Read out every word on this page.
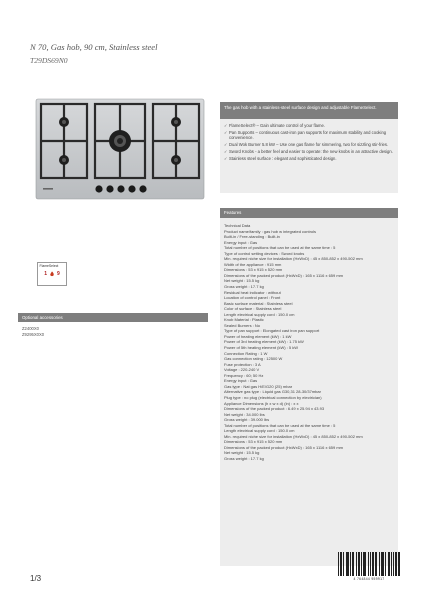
N 70, Gas hob, 90 cm, Stainless steel
T29DS69N0
FlameSelect
1 9
Optional accessories
Z2400X0
Z9295X0X0
The gas hob with a stainless-steel surface design and adjustable FlameSelect.
✓ FlameSelect® – Gain ultimate control of your flame.
✓ Pan Supports – continuous cast-iron pan supports for maximum stability and cooking convenience.
✓ Dual Wok Burner 5.8 kW – Use one gas flame for simmering, two for sizzling stir-fries.
✓ Sword Knobs - a better feel and easier to operate: the new knobs in an attractive design.
✓ Stainless steel surface : elegant and sophisticated design.
Features
Technical Data
Product name/family : gas hob w integrated controls
Built-in / Free-standing : Built-in
Energy input : Gas
Total number of positions that can be used at the same time : 5
Type of control setting devices : Sword knobs
Min. required niche size for installation (HxWxD) : 45 x 850-852 x 490-502 mm
Width of the appliance : 915 mm
Dimensions : 53 x 915 x 520 mm
Dimensions of the packed product (HxWxD) : 165 x 1116 x 659 mm
Net weight : 15.5 kg
Gross weight : 17.7 kg
Residual heat indicator : without
Location of control panel : Front
Basic surface material : Stainless steel
Color of surface : Stainless steel
Length electrical supply cord : 150.0 cm
Knob Material : Plastic
Sealed Burners : No
Type of pan support : Elongated cast iron pan support
Power of heating element (kW) : 1 kW
Power of 3rd heating element (kW) : 1.75 kW
Power of 5th heating element (kW) : 5 kW
Connection Rating : 1 W
Gas connection rating : 12500 W
Fuse protection : 3 A
Voltage : 220-240 V
Frequency : 60; 50 Hz
Energy input : Gas
Gas type : Nat gas H/E/G20 (25) mbar
Alternative gas type : Liquid gas G30,31 28-30/37mbar
Plug type : no plug (electrical connection by electrician)
Appliance Dimensions (h x w x d) (in) : x x
Dimensions of the packed product : 6.49 x 25.94 x 43.93
Net weight : 34.000 lbs
Gross weight : 39.000 lbs
Total number of positions that can be used at the same time : 5
Length electrical supply cord : 150.0 cm
Min. required niche size for installation (HxWxD) : 45 x 850-852 x 490-502 mm
Dimensions : 53 x 915 x 520 mm
Dimensions of the packed product (HxWxD) : 165 x 1116 x 659 mm
Net weight : 15.5 kg
Gross weight : 17.7 kg
1/3	4 764844 959917
